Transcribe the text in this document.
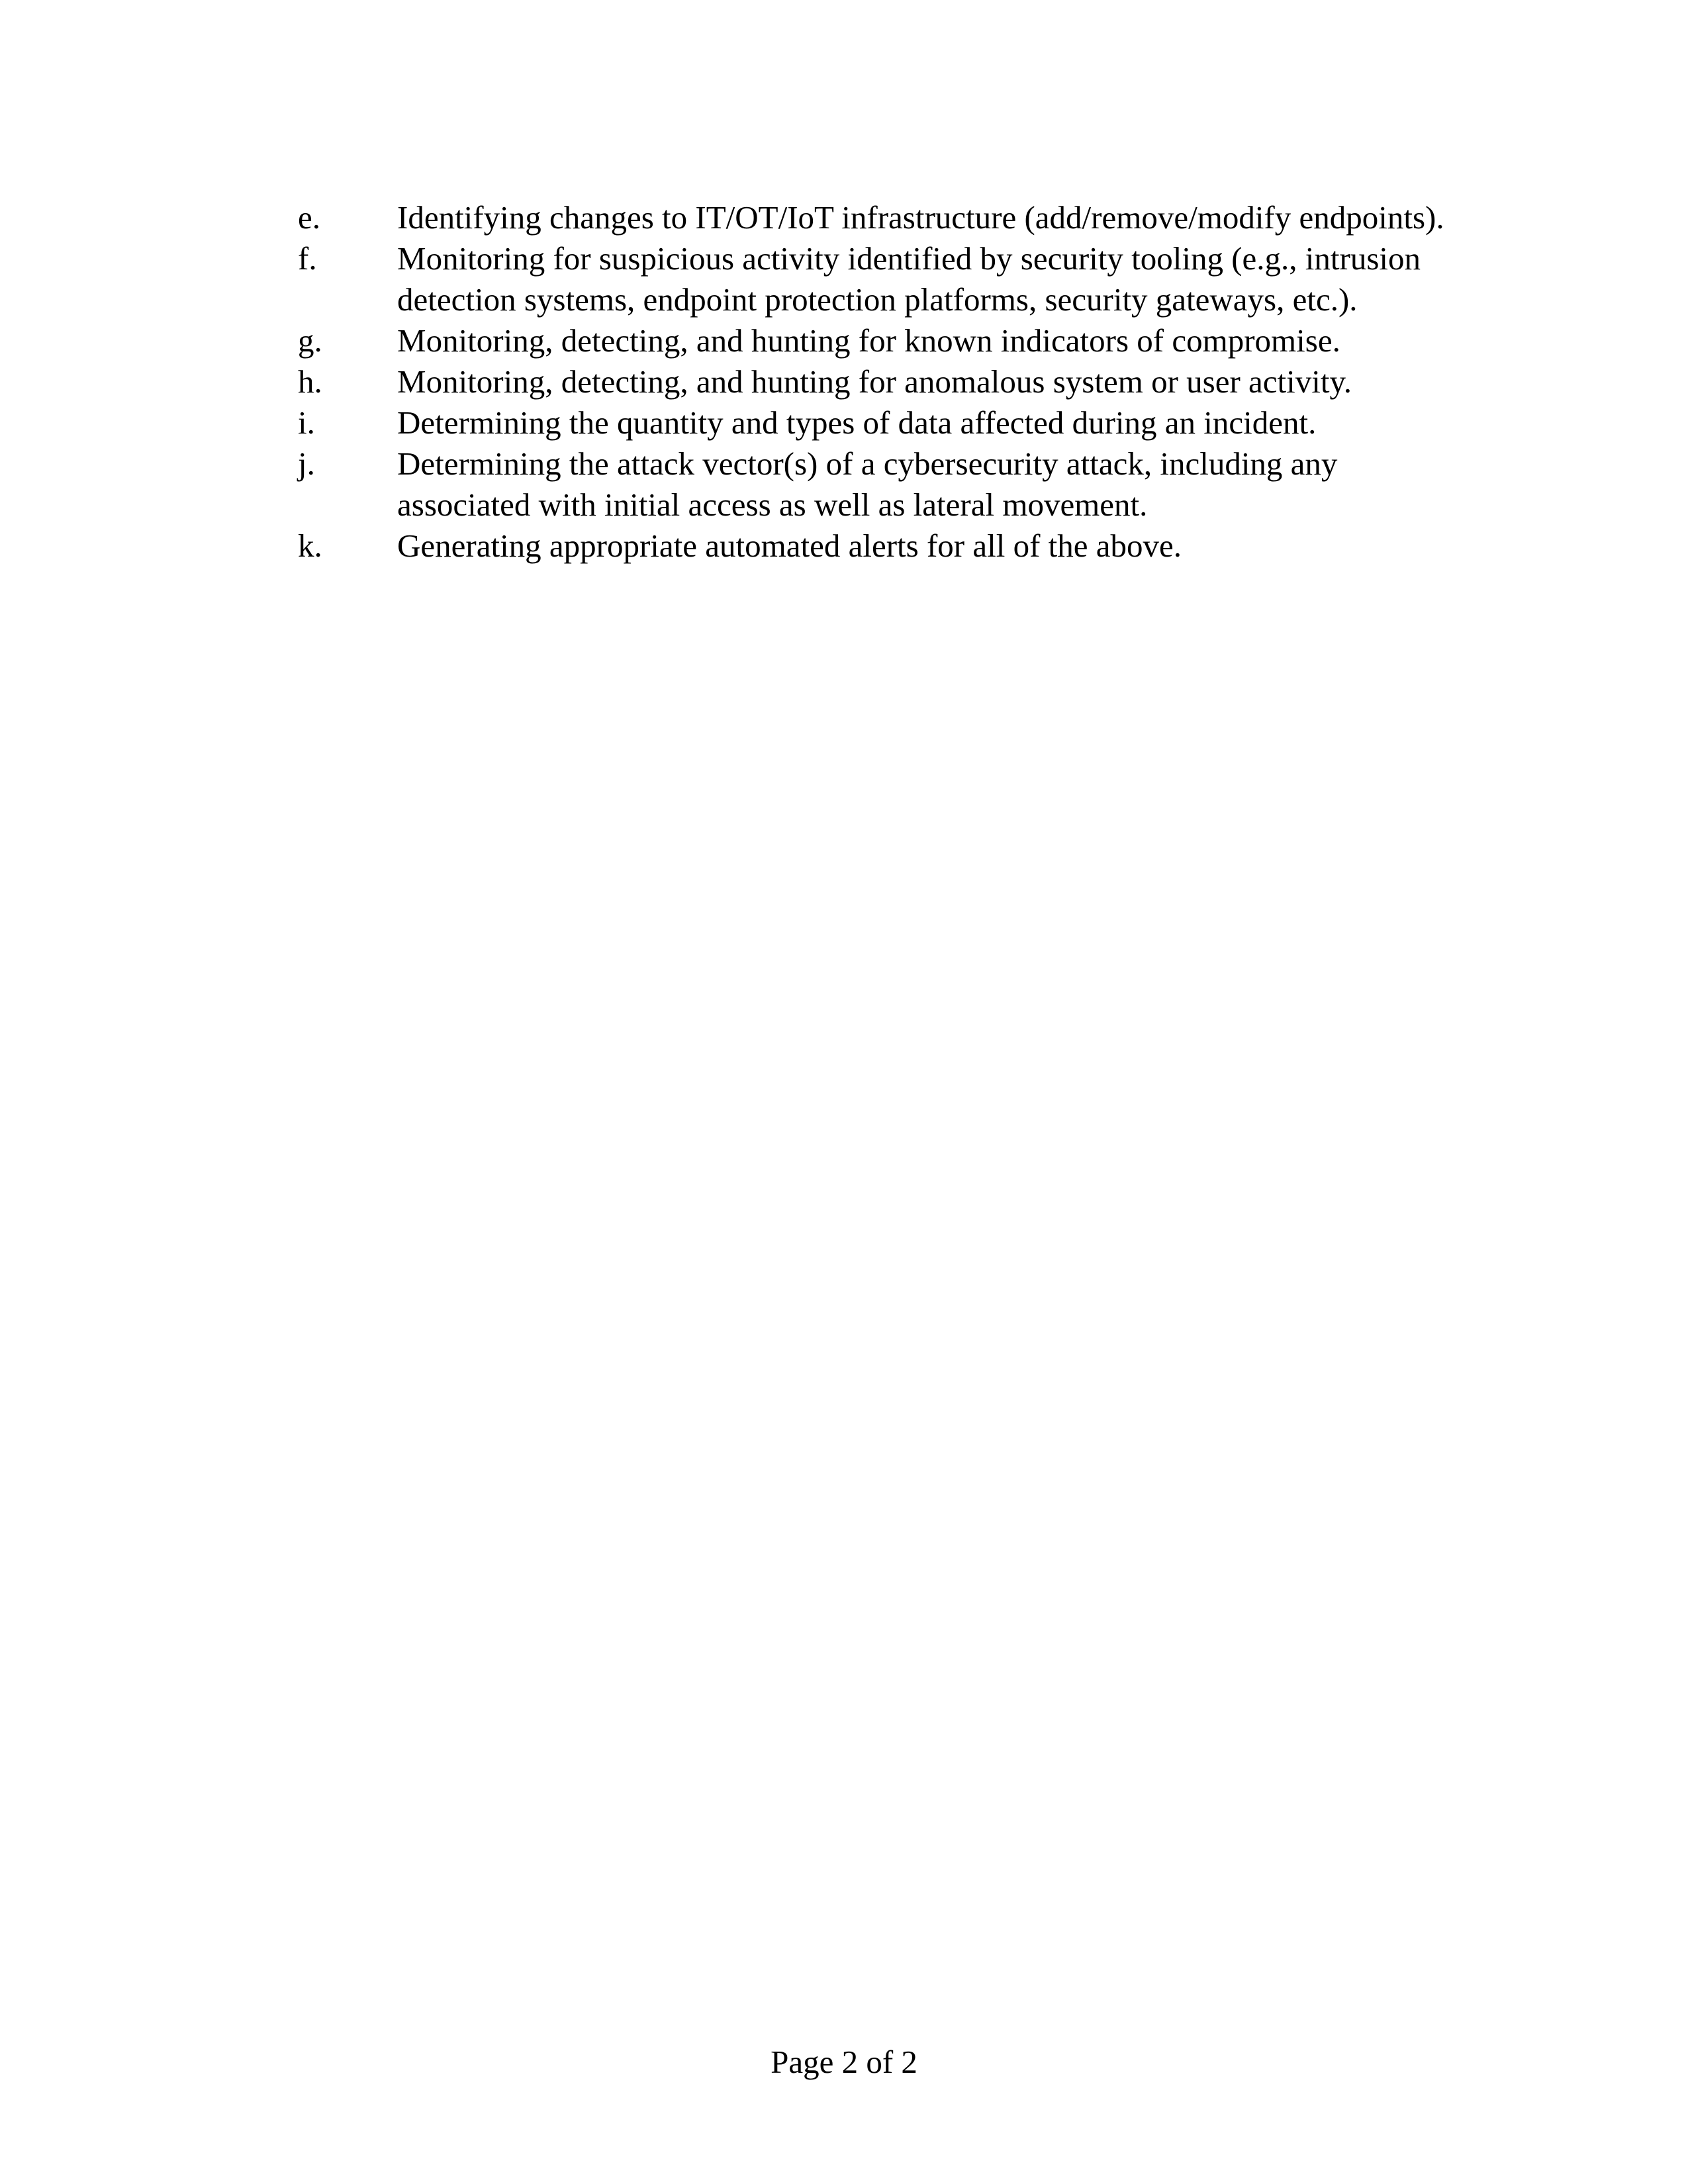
e.	Identifying changes to IT/OT/IoT infrastructure (add/remove/modify endpoints).
f.	Monitoring for suspicious activity identified by security tooling (e.g., intrusion
detection systems, endpoint protection platforms, security gateways, etc.).
g.	Monitoring, detecting, and hunting for known indicators of compromise.
h.	Monitoring, detecting, and hunting for anomalous system or user activity.
i.	Determining the quantity and types of data affected during an incident.
j.	Determining the attack vector(s) of a cybersecurity attack, including any
associated with initial access as well as lateral movement.
k.	Generating appropriate automated alerts for all of the above.
Page 2 of 2
